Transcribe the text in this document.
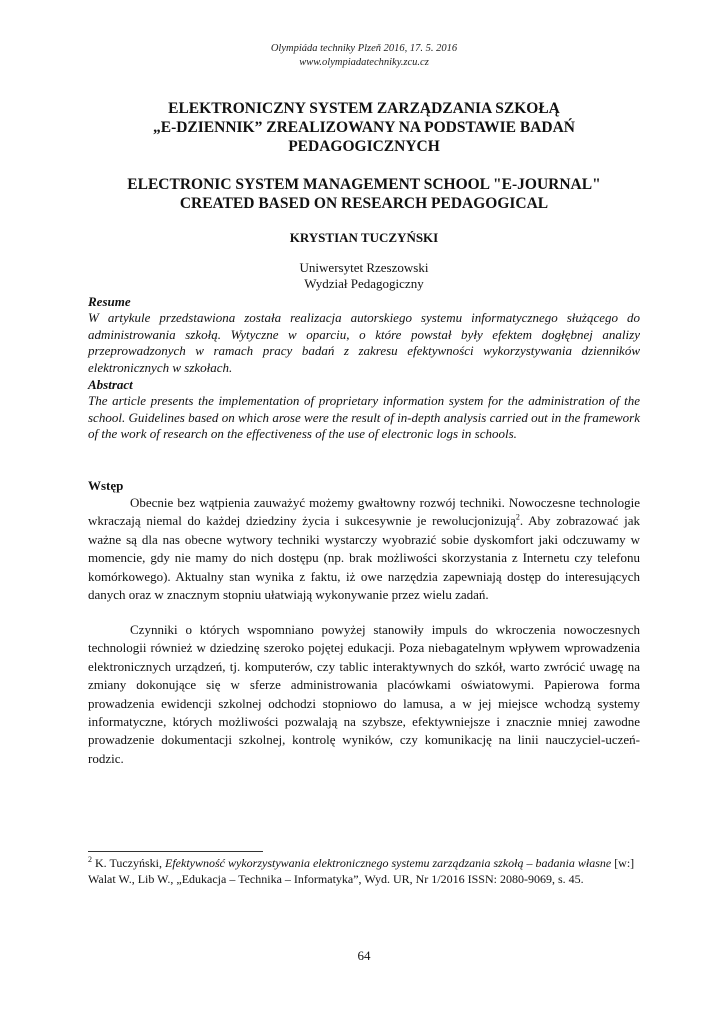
Olympiáda techniky Plzeň 2016, 17. 5. 2016
www.olympiadatechniky.zcu.cz
ELEKTRONICZNY SYSTEM ZARZĄDZANIA SZKOŁĄ
„E-DZIENNIK” ZREALIZOWANY NA PODSTAWIE BADAŃ
PEDAGOGICZNYCH
ELECTRONIC SYSTEM MANAGEMENT SCHOOL "E-JOURNAL"
CREATED BASED ON RESEARCH PEDAGOGICAL
KRYSTIAN TUCZYŃSKI
Uniwersytet Rzeszowski
Wydział Pedagogiczny
Resume
W artykule przedstawiona została realizacja autorskiego systemu informatycznego służącego do administrowania szkołą. Wytyczne w oparciu, o które powstał były efektem dogłębnej analizy przeprowadzonych w ramach pracy badań z zakresu efektywności wykorzystywania dzienników elektronicznych w szkołach.
Abstract
The article presents the implementation of proprietary information system for the administration of the school. Guidelines based on which arose were the result of in-depth analysis carried out in the framework of the work of research on the effectiveness of the use of electronic logs in schools.
Wstęp
Obecnie bez wątpienia zauważyć możemy gwałtowny rozwój techniki. Nowoczesne technologie wkraczają niemal do każdej dziedziny życia i sukcesywnie je rewolucjonizują$^2$. Aby zobrazować jak ważne są dla nas obecne wytwory techniki wystarczy wyobrazić sobie dyskomfort jaki odczuwamy w momencie, gdy nie mamy do nich dostępu (np. brak możliwości skorzystania z Internetu czy telefonu komórkowego). Aktualny stan wynika z faktu, iż owe narzędzia zapewniają dostęp do interesujących danych oraz w znacznym stopniu ułatwiają wykonywanie przez wielu zadań.
Czynniki o których wspomniano powyżej stanowiły impuls do wkroczenia nowoczesnych technologii również w dziedzinę szeroko pojętej edukacji. Poza niebagatelnym wpływem wprowadzenia elektronicznych urządzeń, tj. komputerów, czy tablic interaktywnych do szkół, warto zwrócić uwagę na zmiany dokonujące się w sferze administrowania placówkami oświatowymi. Papierowa forma prowadzenia ewidencji szkolnej odchodzi stopniowo do lamusa, a w jej miejsce wchodzą systemy informatyczne, których możliwości pozwalają na szybsze, efektywniejsze i znacznie mniej zawodne prowadzenie dokumentacji szkolnej, kontrolę wyników, czy komunikację na linii nauczyciel-uczeń-rodzic.
$^2$ K. Tuczyński, Efektywność wykorzystywania elektronicznego systemu zarządzania szkołą – badania własne [w:] Walat W., Lib W., „Edukacja – Technika – Informatyka”, Wyd. UR, Nr 1/2016 ISSN: 2080-9069, s. 45.
64
